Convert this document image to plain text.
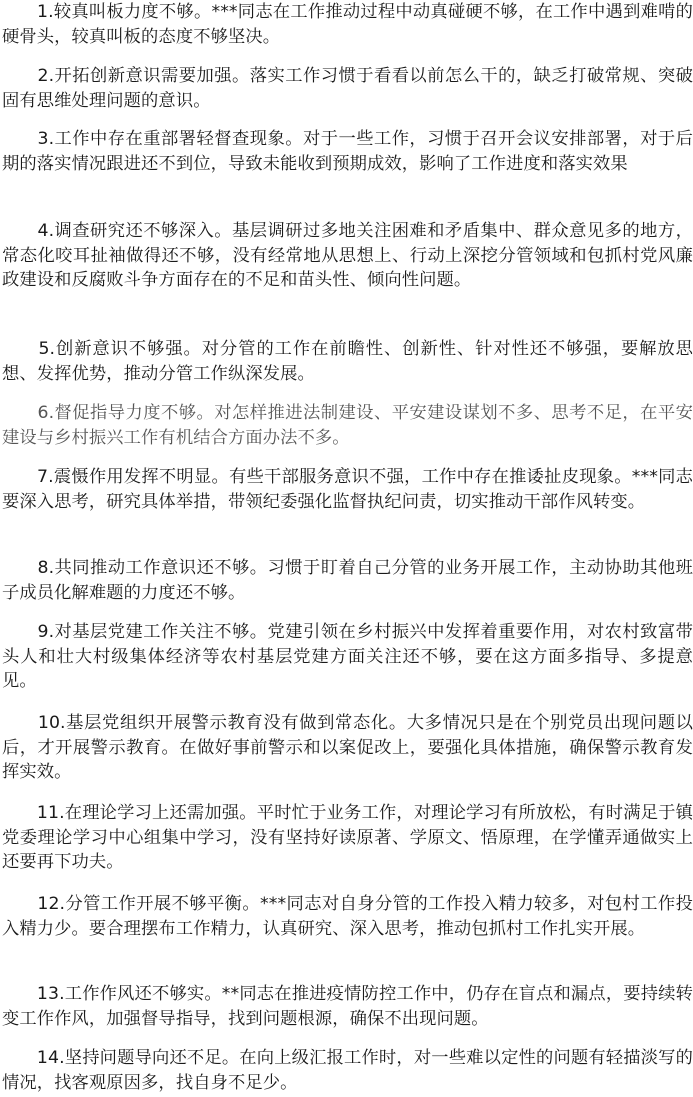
　　1.较真叫板力度不够。***同志在工作推动过程中动真碰硬不够，在工作中遇到难啃的硬骨头，较真叫板的态度不够坚决。

　　2.开拓创新意识需要加强。落实工作习惯于看看以前怎么干的，缺乏打破常规、突破固有思维处理问题的意识。

　　3.工作中存在重部署轻督查现象。对于一些工作，习惯于召开会议安排部署，对于后期的落实情况跟进还不到位，导致未能收到预期成效，影响了工作进度和落实效果

　　4.调查研究还不够深入。基层调研过多地关注困难和矛盾集中、群众意见多的地方，常态化咬耳扯袖做得还不够，没有经常地从思想上、行动上深挖分管领域和包抓村党风廉政建设和反腐败斗争方面存在的不足和苗头性、倾向性问题。

　　5.创新意识不够强。对分管的工作在前瞻性、创新性、针对性还不够强，要解放思想、发挥优势，推动分管工作纵深发展。

　　6.督促指导力度不够。对怎样推进法制建设、平安建设谋划不多、思考不足，在平安建设与乡村振兴工作有机结合方面办法不多。

　　7.震慑作用发挥不明显。有些干部服务意识不强，工作中存在推诿扯皮现象。***同志要深入思考，研究具体举措，带领纪委强化监督执纪问责，切实推动干部作风转变。

　　8.共同推动工作意识还不够。习惯于盯着自己分管的业务开展工作，主动协助其他班子成员化解难题的力度还不够。

　　9.对基层党建工作关注不够。党建引领在乡村振兴中发挥着重要作用，对农村致富带头人和壮大村级集体经济等农村基层党建方面关注还不够，要在这方面多指导、多提意见。

　　10.基层党组织开展警示教育没有做到常态化。大多情况只是在个别党员出现问题以后，才开展警示教育。在做好事前警示和以案促改上，要强化具体措施，确保警示教育发挥实效。

　　11.在理论学习上还需加强。平时忙于业务工作，对理论学习有所放松，有时满足于镇党委理论学习中心组集中学习，没有坚持好读原著、学原文、悟原理，在学懂弄通做实上还要再下功夫。

　　12.分管工作开展不够平衡。***同志对自身分管的工作投入精力较多，对包村工作投入精力少。要合理摆布工作精力，认真研究、深入思考，推动包抓村工作扎实开展。

　　13.工作作风还不够实。**同志在推进疫情防控工作中，仍存在盲点和漏点，要持续转变工作作风，加强督导指导，找到问题根源，确保不出现问题。

　　14.坚持问题导向还不足。在向上级汇报工作时，对一些难以定性的问题有轻描淡写的情况，找客观原因多，找自身不足少。
